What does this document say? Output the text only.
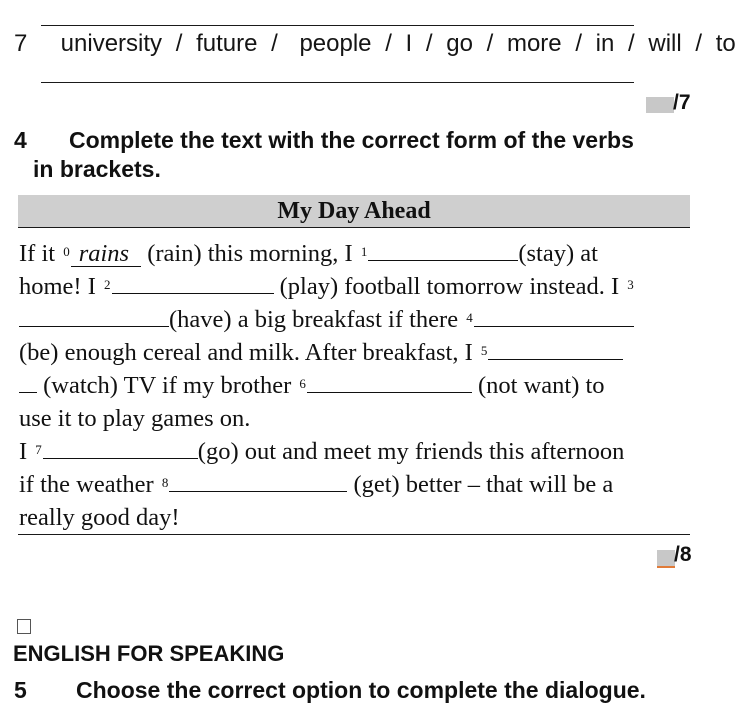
7 university / future / people / I / go / more / in / will / to
/7
4 Complete the text with the correct form of the verbs
in brackets.
My Day Ahead
If it $^0$ rains (rain) this morning, I $^1$	(stay) at
home! I $^2$	(play) football tomorrow instead. I $^3$
(have) a big breakfast if there $^4$
(be) enough cereal and milk. After breakfast, I $^5$
(watch) TV if my brother $^6$	(not want) to
use it to play games on.
I $^7$	(go) out and meet my friends this afternoon
if the weather $^8$	(get) better – that will be a
really good day!
/8
ENGLISH FOR SPEAKING
5 Choose the correct option to complete the dialogue.
